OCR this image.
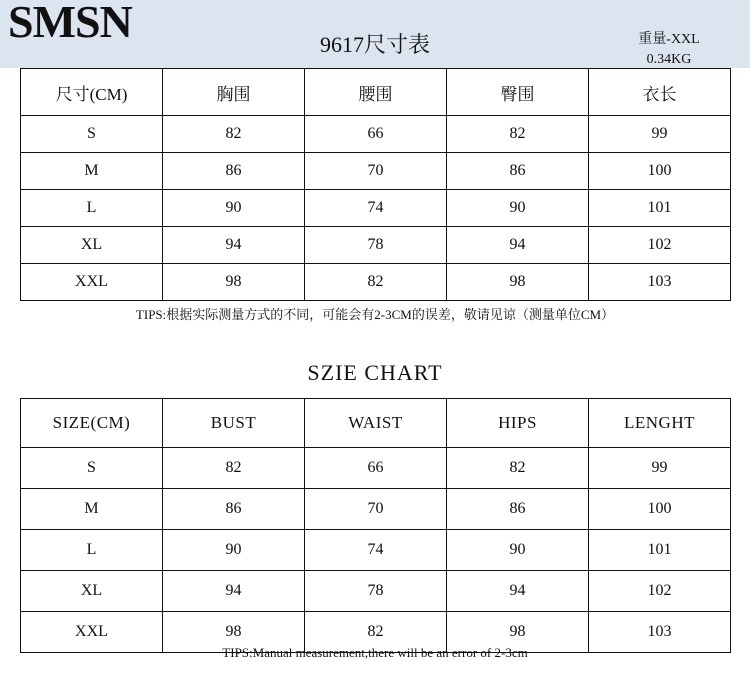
SMSN	9617尺寸表	重量-XXL
0.34KG
尺寸(CM)	胸围	腰围	臀围	衣长
S	82	66	82	99
M	86	70	86	100
L	90	74	90	101
XL	94	78	94	102
XXL	98	82	98	103
TIPS:根据实际测量方式的不同，可能会有2-3CM的误差，敬请见谅（测量单位CM）
SZIE CHART
SIZE(CM)	BUST	WAIST	HIPS	LENGHT
S	82	66	82	99
M	86	70	86	100
L	90	74	90	101
XL	94	78	94	102
XXL	98	82	98	103
TIPS:Manual measurement,there will be an error of 2-3cm
